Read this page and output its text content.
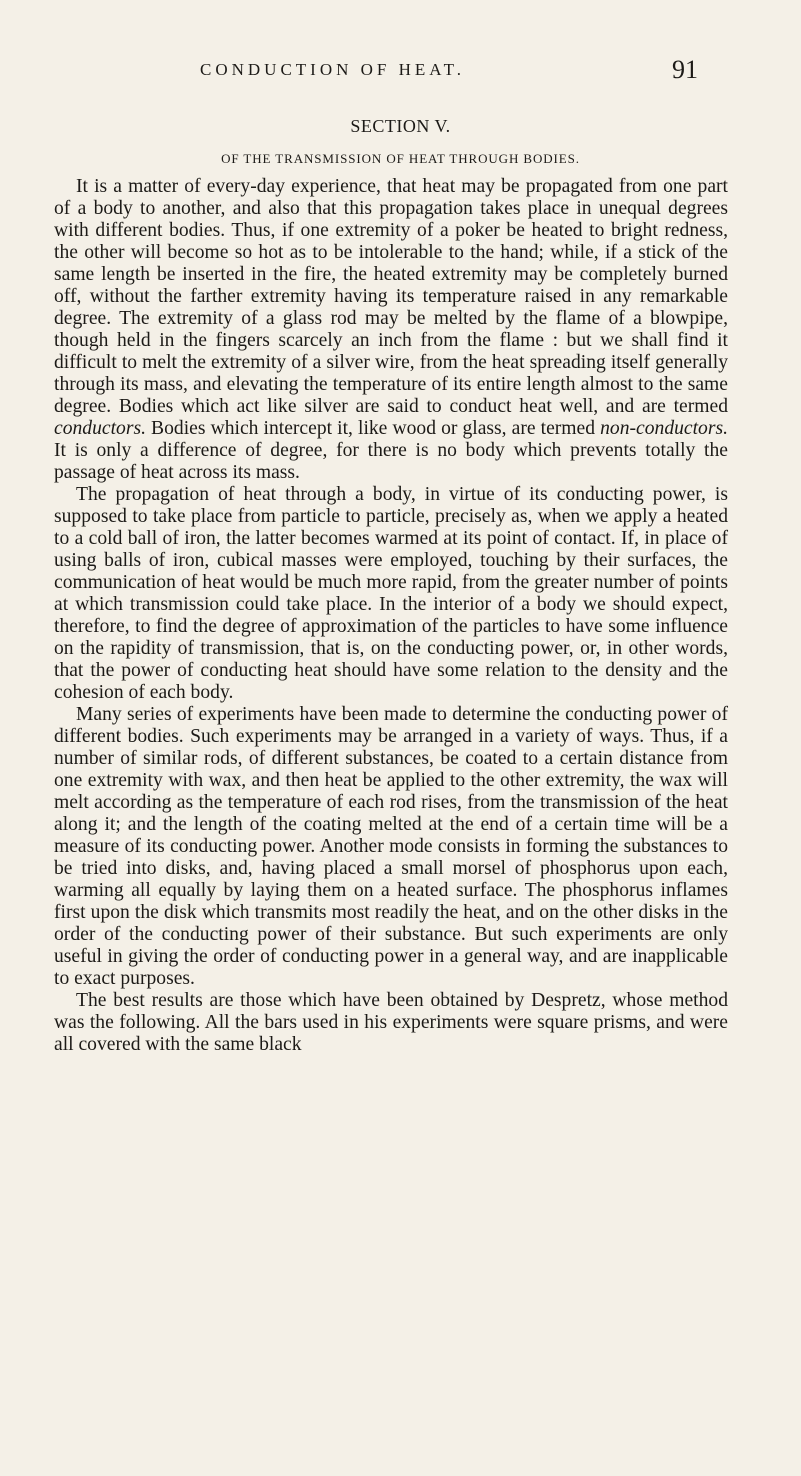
CONDUCTION OF HEAT.	91
SECTION V.
OF THE TRANSMISSION OF HEAT THROUGH BODIES.

It is a matter of every-day experience, that heat may be propagated from one part of a body to another, and also that this propagation takes place in unequal degrees with different bodies. Thus, if one extremity of a poker be heated to bright redness, the other will become so hot as to be intolerable to the hand; while, if a stick of the same length be inserted in the fire, the heated extremity may be completely burned off, without the farther extremity having its temperature raised in any remarkable degree. The extremity of a glass rod may be melted by the flame of a blowpipe, though held in the fingers scarcely an inch from the flame : but we shall find it difficult to melt the extremity of a silver wire, from the heat spreading itself generally through its mass, and elevating the temperature of its entire length almost to the same degree. Bodies which act like silver are said to conduct heat well, and are termed conductors. Bodies which intercept it, like wood or glass, are termed non-conductors. It is only a difference of degree, for there is no body which prevents totally the passage of heat across its mass.

The propagation of heat through a body, in virtue of its conducting power, is supposed to take place from particle to particle, precisely as, when we apply a heated to a cold ball of iron, the latter becomes warmed at its point of contact. If, in place of using balls of iron, cubical masses were employed, touching by their surfaces, the communication of heat would be much more rapid, from the greater number of points at which transmission could take place. In the interior of a body we should expect, therefore, to find the degree of approximation of the particles to have some influence on the rapidity of transmission, that is, on the conducting power, or, in other words, that the power of conducting heat should have some relation to the density and the cohesion of each body.

Many series of experiments have been made to determine the conducting power of different bodies. Such experiments may be arranged in a variety of ways. Thus, if a number of similar rods, of different substances, be coated to a certain distance from one extremity with wax, and then heat be applied to the other extremity, the wax will melt according as the temperature of each rod rises, from the transmission of the heat along it; and the length of the coating melted at the end of a certain time will be a measure of its conducting power. Another mode consists in forming the substances to be tried into disks, and, having placed a small morsel of phosphorus upon each, warming all equally by laying them on a heated surface. The phosphorus inflames first upon the disk which transmits most readily the heat, and on the other disks in the order of the conducting power of their substance. But such experiments are only useful in giving the order of conducting power in a general way, and are inapplicable to exact purposes.

The best results are those which have been obtained by Despretz, whose method was the following. All the bars used in his experiments were square prisms, and were all covered with the same black
